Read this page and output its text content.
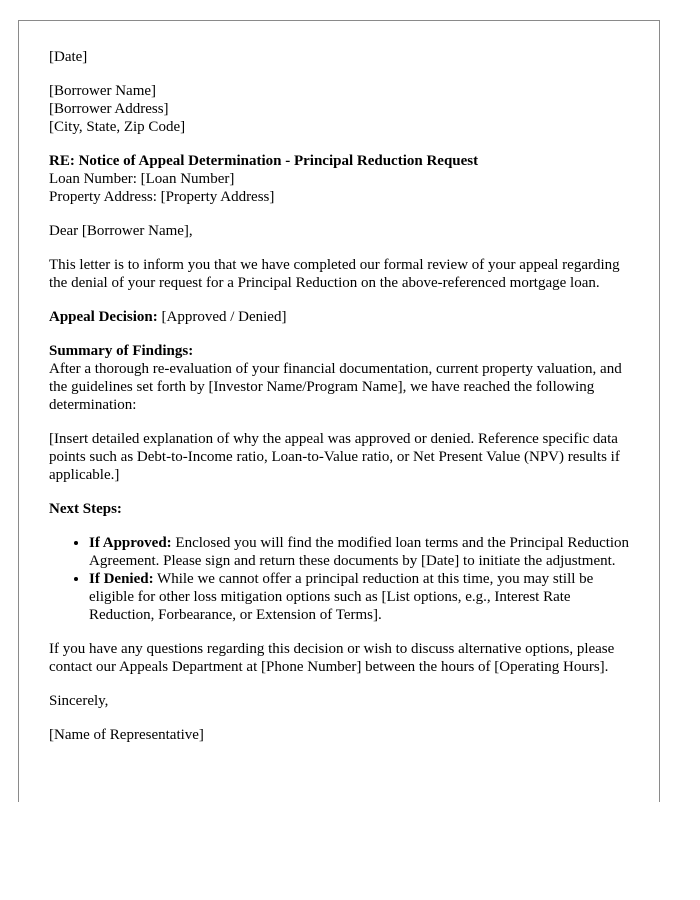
[Date]

[Borrower Name]
[Borrower Address]
[City, State, Zip Code]

RE: Notice of Appeal Determination - Principal Reduction Request
Loan Number: [Loan Number]
Property Address: [Property Address]

Dear [Borrower Name],

This letter is to inform you that we have completed our formal review of your appeal regarding the denial of your request for a Principal Reduction on the above-referenced mortgage loan.

Appeal Decision: [Approved / Denied]

Summary of Findings:
After a thorough re-evaluation of your financial documentation, current property valuation, and the guidelines set forth by [Investor Name/Program Name], we have reached the following determination:

[Insert detailed explanation of why the appeal was approved or denied. Reference specific data points such as Debt-to-Income ratio, Loan-to-Value ratio, or Net Present Value (NPV) results if applicable.]

Next Steps:

• If Approved: Enclosed you will find the modified loan terms and the Principal Reduction Agreement. Please sign and return these documents by [Date] to initiate the adjustment.
• If Denied: While we cannot offer a principal reduction at this time, you may still be eligible for other loss mitigation options such as [List options, e.g., Interest Rate Reduction, Forbearance, or Extension of Terms].

If you have any questions regarding this decision or wish to discuss alternative options, please contact our Appeals Department at [Phone Number] between the hours of [Operating Hours].

Sincerely,

[Name of Representative]
